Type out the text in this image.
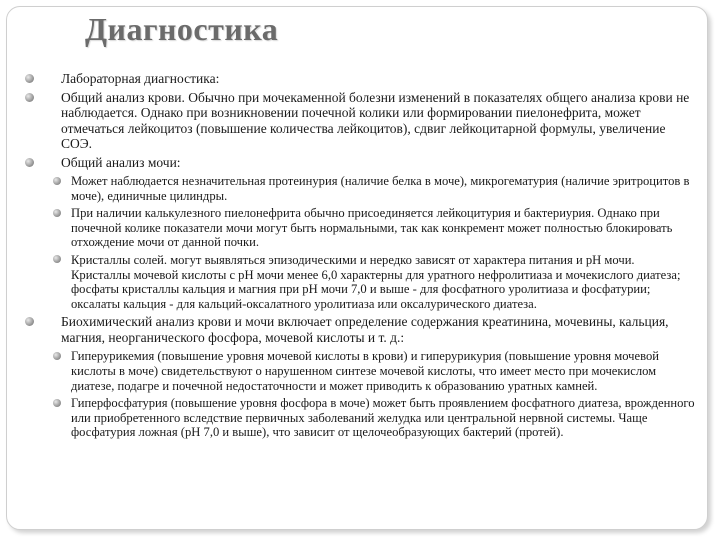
Диагностика
Лабораторная диагностика:
Общий анализ крови. Обычно при мочекаменной болезни изменений в показателях общего анализа крови не наблюдается. Однако при возникновении почечной колики или формировании пиелонефрита, может отмечаться лейкоцитоз (повышение количества лейкоцитов), сдвиг лейкоцитарной формулы, увеличение СОЭ.
Общий анализ мочи:
Может наблюдается незначительная протеинурия (наличие белка в моче), микрогематурия (наличие эритроцитов в моче), единичные цилиндры.
При наличии калькулезного пиелонефрита обычно присоединяется лейкоцитурия и бактериурия. Однако при почечной колике показатели мочи могут быть нормальными, так как конкремент может полностью блокировать отхождение мочи от данной почки.
Кристаллы солей. могут выявляться эпизодическими и нередко зависят от характера питания и рН мочи. Кристаллы мочевой кислоты с рН мочи менее 6,0 характерны для уратного нефролитиаза и мочекислого диатеза; фосфаты кристаллы кальция и магния при рН мочи 7,0 и выше - для фосфатного уролитиаза и фосфатурии; оксалаты кальция - для кальций-оксалатного уролитиаза или оксалурического диатеза.
Биохимический анализ крови и мочи включает определение содержания креатинина, мочевины, кальция, магния, неорганического фосфора, мочевой кислоты и т. д.:
Гиперурикемия (повышение уровня мочевой кислоты в крови) и гиперурикурия (повышение уровня мочевой кислоты в моче) свидетельствуют о нарушенном синтезе мочевой кислоты, что имеет место при мочекислом диатезе, подагре и почечной недостаточности и может приводить к образованию уратных камней.
Гиперфосфатурия (повышение уровня фосфора в моче) может быть проявлением фосфатного диатеза, врожденного или приобретенного вследствие первичных заболеваний желудка или центральной нервной системы. Чаще фосфатурия ложная (рН 7,0 и выше), что зависит от щелочеобразующих бактерий (протей).
